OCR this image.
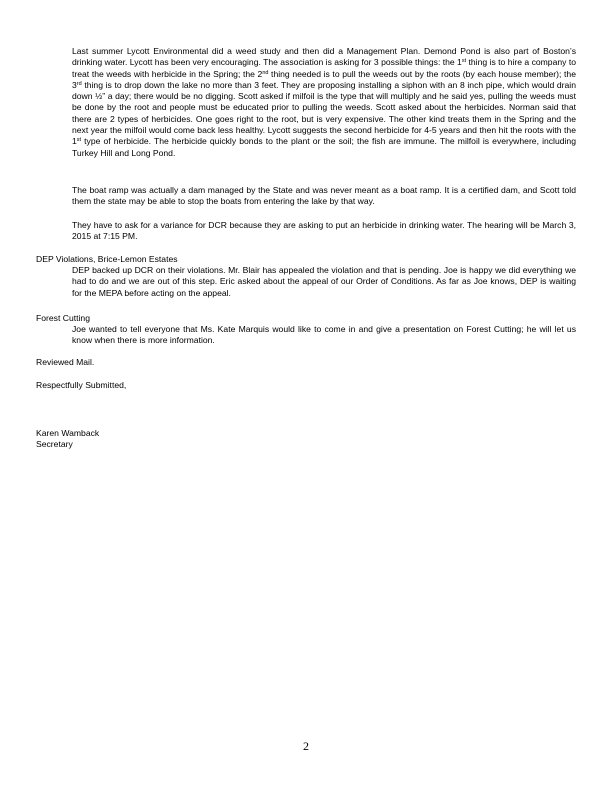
Last summer Lycott Environmental did a weed study and then did a Management Plan. Demond Pond is also part of Boston’s drinking water. Lycott has been very encouraging. The association is asking for 3 possible things: the 1st thing is to hire a company to treat the weeds with herbicide in the Spring; the 2nd thing needed is to pull the weeds out by the roots (by each house member); the 3rd thing is to drop down the lake no more than 3 feet. They are proposing installing a siphon with an 8 inch pipe, which would drain down ½” a day; there would be no digging. Scott asked if milfoil is the type that will multiply and he said yes, pulling the weeds must be done by the root and people must be educated prior to pulling the weeds. Scott asked about the herbicides. Norman said that there are 2 types of herbicides. One goes right to the root, but is very expensive. The other kind treats them in the Spring and the next year the milfoil would come back less healthy. Lycott suggests the second herbicide for 4-5 years and then hit the roots with the 1st type of herbicide. The herbicide quickly bonds to the plant or the soil; the fish are immune. The milfoil is everywhere, including Turkey Hill and Long Pond.

The boat ramp was actually a dam managed by the State and was never meant as a boat ramp. It is a certified dam, and Scott told them the state may be able to stop the boats from entering the lake by that way.

They have to ask for a variance for DCR because they are asking to put an herbicide in drinking water. The hearing will be March 3, 2015 at 7:15 PM.

DEP Violations, Brice-Lemon Estates

DEP backed up DCR on their violations. Mr. Blair has appealed the violation and that is pending. Joe is happy we did everything we had to do and we are out of this step. Eric asked about the appeal of our Order of Conditions. As far as Joe knows, DEP is waiting for the MEPA before acting on the appeal.

Forest Cutting

Joe wanted to tell everyone that Ms. Kate Marquis would like to come in and give a presentation on Forest Cutting; he will let us know when there is more information.

Reviewed Mail.

Respectfully Submitted,

Karen Wamback

Secretary

2
